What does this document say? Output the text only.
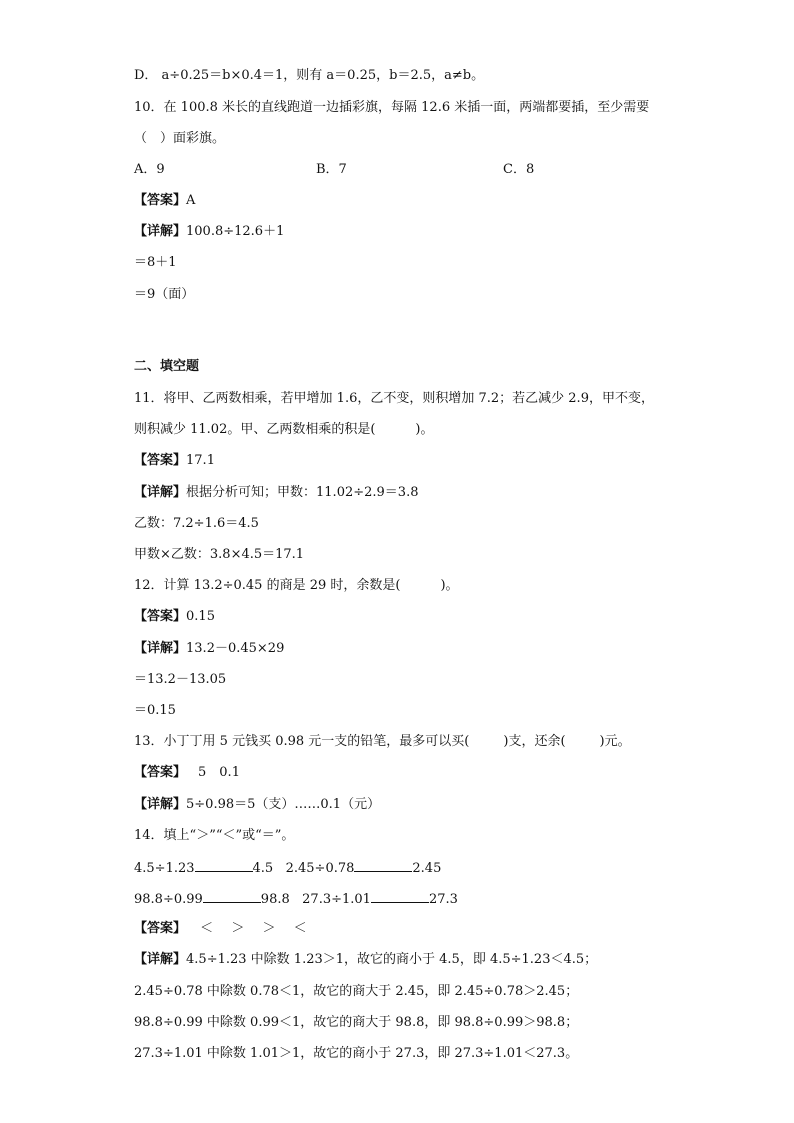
D． a÷0.25＝b×0.4＝1，则有 a＝0.25，b＝2.5，a≠b。
10．在 100.8 米长的直线跑道一边插彩旗，每隔 12.6 米插一面，两端都要插，至少需要
（　）面彩旗。
A．9	B．7	C．8
【答案】A
【详解】100.8÷12.6＋1
＝8＋1
＝9（面）
二、填空题
11．将甲、乙两数相乘，若甲增加 1.6，乙不变，则积增加 7.2；若乙减少 2.9，甲不变，
则积减少 11.02。甲、乙两数相乘的积是(	)。
【答案】17.1
【详解】根据分析可知；甲数：11.02÷2.9＝3.8
乙数：7.2÷1.6＝4.5
甲数×乙数：3.8×4.5＝17.1
12．计算 13.2÷0.45 的商是 29 时，余数是(	)。
【答案】0.15
【详解】13.2－0.45×29
＝13.2－13.05
＝0.15
13．小丁丁用 5 元钱买 0.98 元一支的铅笔，最多可以买(	)支，还余(	)元。
【答案】 5　0.1
【详解】5÷0.98＝5（支）……0.1（元）
14．填上“＞”“＜”或“＝”。
4.5÷1.23	4.5 2.45÷0.78	2.45
98.8÷0.99	98.8 27.3÷1.01	27.3
【答案】 ＜ ＞ ＞ ＜
【详解】4.5÷1.23 中除数 1.23＞1，故它的商小于 4.5，即 4.5÷1.23＜4.5；
2.45÷0.78 中除数 0.78＜1，故它的商大于 2.45，即 2.45÷0.78＞2.45；
98.8÷0.99 中除数 0.99＜1，故它的商大于 98.8，即 98.8÷0.99＞98.8；
27.3÷1.01 中除数 1.01＞1，故它的商小于 27.3，即 27.3÷1.01＜27.3。
